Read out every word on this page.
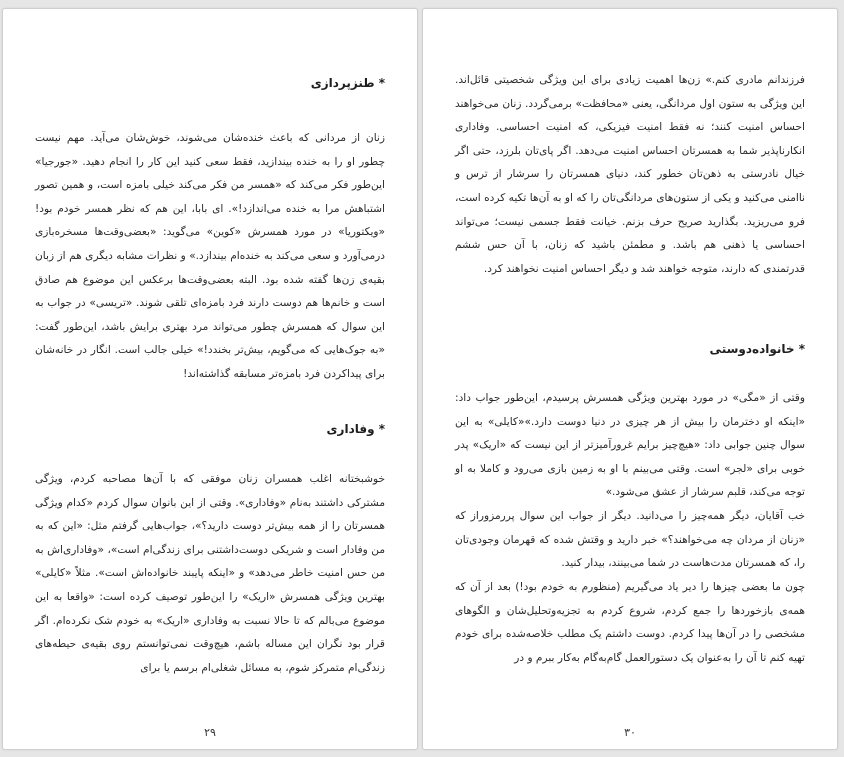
* طنزپردازی

زنان از مردانی که باعث خنده‌شان می‌شوند، خوش‌شان می‌آید. مهم نیست چطور او را به خنده بیندازید، فقط سعی کنید این کار را انجام دهید. «جورجیا» این‌طور فکر می‌کند که «همسر من فکر می‌کند خیلی بامزه است، و همین تصور اشتباهش مرا به خنده می‌اندازد!». ای بابا، این هم که نظر همسر خودم بود! «ویکتوریا» در مورد همسرش «کوین» می‌گوید: «بعضی‌وقت‌ها مسخره‌بازی درمی‌آورد و سعی می‌کند به خنده‌ام بیندازد.» و نظرات مشابه دیگری هم از زبان بقیه‌ی زن‌ها گفته شده بود. البته بعضی‌وقت‌ها برعکس این موضوع هم صادق است و خانم‌ها هم دوست دارند فرد بامزه‌ای تلقی شوند. «تریسی» در جواب به این سوال که همسرش چطور می‌تواند مرد بهتری برایش باشد، این‌طور گفت: «به جوک‌هایی که می‌گویم، بیش‌تر بخندد!» خیلی جالب است. انگار در خانه‌شان برای پیداکردن فرد بامزه‌تر مسابقه گذاشته‌اند!

* وفاداری

خوشبختانه اغلب همسران زنان موفقی که با آن‌ها مصاحبه کردم، ویژگی مشترکی داشتند به‌نام «وفاداری». وقتی از این بانوان سوال کردم «کدام ویژگی همسرتان را از همه بیش‌تر دوست دارید؟»، جواب‌هایی گرفتم مثل: «این که به من وفادار است و شریکی دوست‌داشتنی برای زندگی‌ام است»، «وفاداری‌اش به من حس امنیت خاطر می‌دهد» و «اینکه پایبند خانواده‌اش است». مثلاً «کایلی» بهترین ویژگی همسرش «اریک» را این‌طور توصیف کرده است: «واقعا به این موضوع می‌بالم که تا حالا نسبت به وفاداری «اریک» به خودم شک نکرده‌ام. اگر قرار بود نگران این مساله باشم، هیچ‌وقت نمی‌توانستم روی بقیه‌ی حیطه‌های زندگی‌ام متمرکز شوم، به مسائل شغلی‌ام برسم یا برای

۲۹

فرزندانم مادری کنم.» زن‌ها اهمیت زیادی برای این ویژگی شخصیتی قائل‌اند. این ویژگی به ستون اول مردانگی، یعنی «محافظت» برمی‌گردد. زنان می‌خواهند احساس امنیت کنند؛ نه فقط امنیت فیزیکی، که امنیت احساسی. وفاداری انکارناپذیر شما به همسرتان احساس امنیت می‌دهد. اگر پای‌تان بلرزد، حتی اگر خیال نادرستی به ذهن‌تان خطور کند، دنیای همسرتان را سرشار از ترس و ناامنی می‌کنید و یکی از ستون‌های مردانگی‌تان را که او به آن‌ها تکیه کرده است، فرو می‌ریزید. بگذارید صریح حرف بزنم. خیانت فقط جسمی نیست؛ می‌تواند احساسی یا ذهنی هم باشد. و مطمئن باشید که زنان، با آن حس ششم قدرتمندی که دارند، متوجه خواهند شد و دیگر احساس امنیت نخواهند کرد.

* خانواده‌دوستی

وقتی از «مگی» در مورد بهترین ویژگی همسرش پرسیدم، این‌طور جواب داد: «اینکه او دخترمان را بیش از هر چیزی در دنیا دوست دارد.»«کایلی» به این سوال چنین جوابی داد: «هیچ‌چیز برایم غرورآمیزتر از این نیست که «اریک» پدر خوبی برای «لجر» است. وقتی می‌بینم با او به زمین بازی می‌رود و کاملا به او توجه می‌کند، قلبم سرشار از عشق می‌شود.»

خب آقایان، دیگر همه‌چیز را می‌دانید. دیگر از جواب این سوال پررمزوراز که «زنان از مردان چه می‌خواهند؟» خبر دارید و وقتش شده که قهرمان وجودی‌تان را، که همسرتان مدت‌هاست در شما می‌بینند، بیدار کنید.

چون ما بعضی چیزها را دیر یاد می‌گیریم (منظورم به خودم بود!) بعد از آن که همه‌ی بازخوردها را جمع کردم، شروع کردم به تجزیه‌وتحلیل‌شان و الگوهای مشخصی را در آن‌ها پیدا کردم. دوست داشتم یک مطلب خلاصه‌شده برای خودم تهیه کنم تا آن را به‌عنوان یک دستورالعمل گام‌به‌گام به‌کار ببرم و در

۳۰
